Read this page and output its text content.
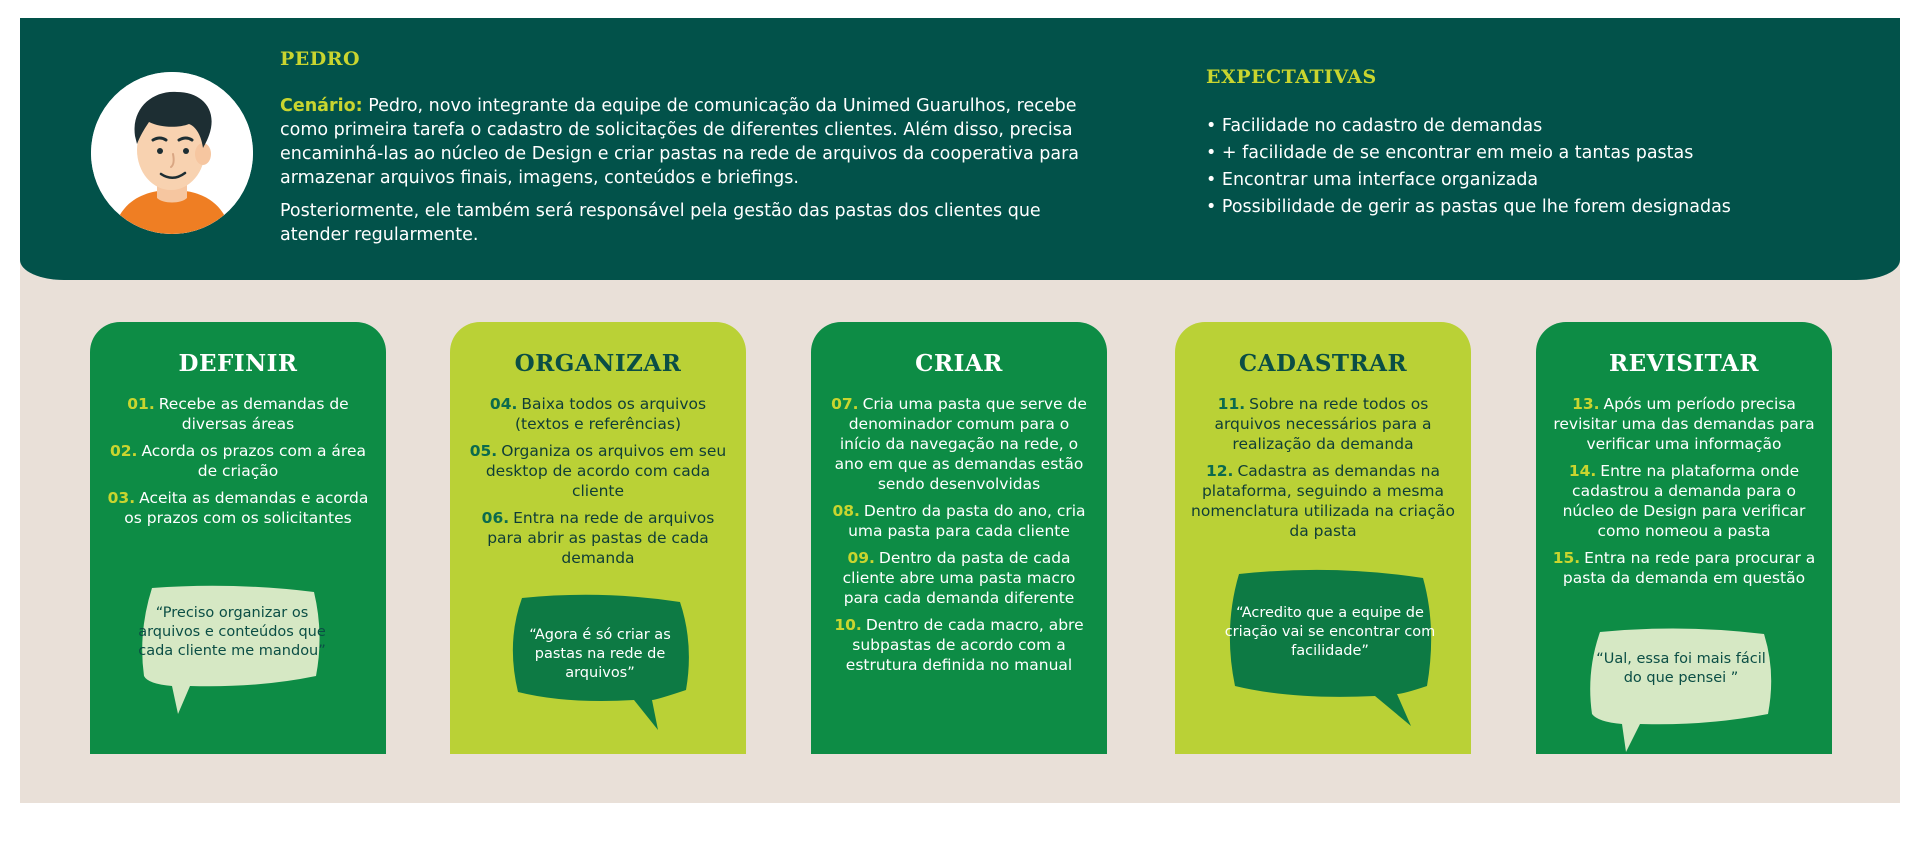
PEDRO

Cenário: Pedro, novo integrante da equipe de comunicação da Unimed Guarulhos, recebe como primeira tarefa o cadastro de solicitações de diferentes clientes. Além disso, precisa encaminhá-las ao núcleo de Design e criar pastas na rede de arquivos da cooperativa para armazenar arquivos finais, imagens, conteúdos e briefings.

Posteriormente, ele também será responsável pela gestão das pastas dos clientes que atender regularmente.

EXPECTATIVAS
• Facilidade no cadastro de demandas
• + facilidade de se encontrar em meio a tantas pastas
• Encontrar uma interface organizada
• Possibilidade de gerir as pastas que lhe forem designadas
DEFINIR
01. Recebe as demandas de diversas áreas
02. Acorda os prazos com a área de criação
03. Aceita as demandas e acorda os prazos com os solicitantes
“Preciso organizar os arquivos e conteúdos que cada cliente me mandou”
ORGANIZAR
04. Baixa todos os arquivos (textos e referências)
05. Organiza os arquivos em seu desktop de acordo com cada cliente
06. Entra na rede de arquivos para abrir as pastas de cada demanda
“Agora é só criar as pastas na rede de arquivos”
CRIAR
07. Cria uma pasta que serve de denominador comum para o início da navegação na rede, o ano em que as demandas estão sendo desenvolvidas
08. Dentro da pasta do ano, cria uma pasta para cada cliente
09. Dentro da pasta de cada cliente abre uma pasta macro para cada demanda diferente
10. Dentro de cada macro, abre subpastas de acordo com a estrutura definida no manual
CADASTRAR
11. Sobre na rede todos os arquivos necessários para a realização da demanda
12. Cadastra as demandas na plataforma, seguindo a mesma nomenclatura utilizada na criação da pasta
“Acredito que a equipe de criação vai se encontrar com facilidade”
REVISITAR
13. Após um período precisa revisitar uma das demandas para verificar uma informação
14. Entre na plataforma onde cadastrou a demanda para o núcleo de Design para verificar como nomeou a pasta
15. Entra na rede para procurar a pasta da demanda em questão
“Ual, essa foi mais fácil do que pensei ”
